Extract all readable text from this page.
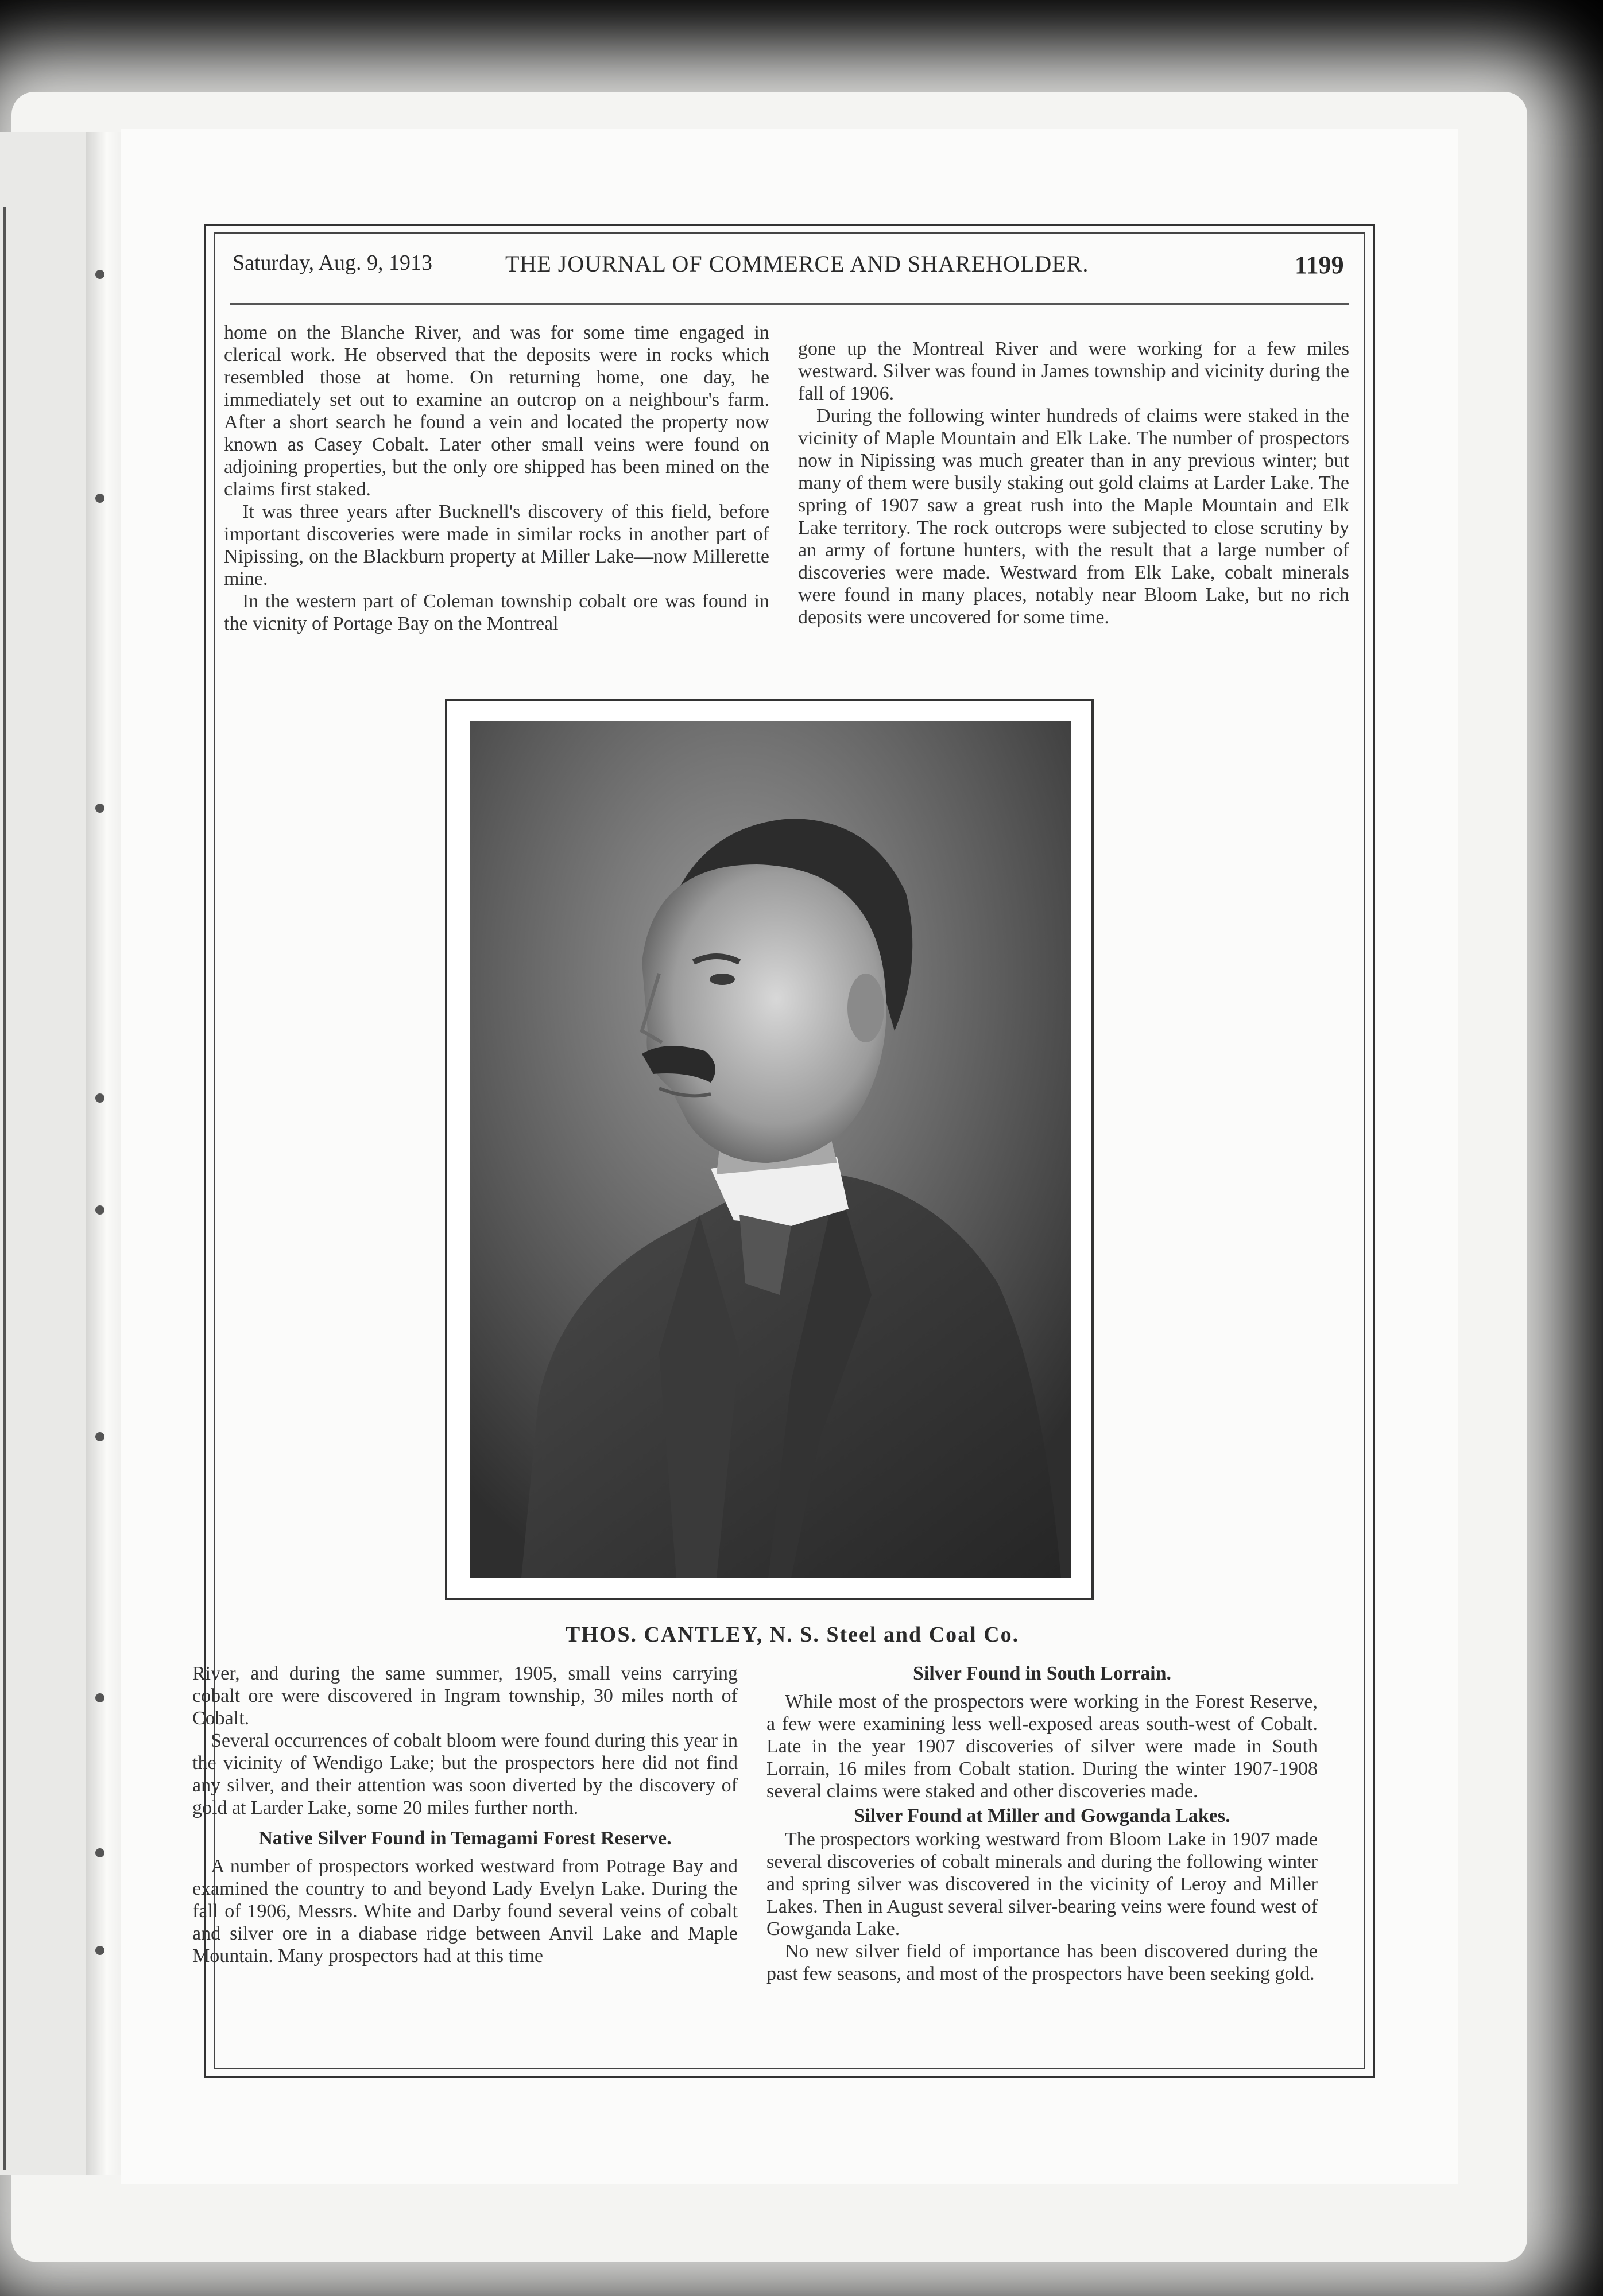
Saturday, Aug. 9, 1913	THE JOURNAL OF COMMERCE AND SHAREHOLDER.	1199

home on the Blanche River, and was for some time engaged in clerical work. He observed that the deposits were in rocks which resembled those at home. On returning home, one day, he immediately set out to examine an outcrop on a neighbour's farm. After a short search he found a vein and located the property now known as Casey Cobalt. Later other small veins were found on adjoining properties, but the only ore shipped has been mined on the claims first staked.

It was three years after Bucknell's discovery of this field, before important discoveries were made in similar rocks in another part of Nipissing, on the Blackburn property at Miller Lake—now Millerette mine.

In the western part of Coleman township cobalt ore was found in the vicnity of Portage Bay on the Montreal

gone up the Montreal River and were working for a few miles westward. Silver was found in James township and vicinity during the fall of 1906.

During the following winter hundreds of claims were staked in the vicinity of Maple Mountain and Elk Lake. The number of prospectors now in Nipissing was much greater than in any previous winter; but many of them were busily staking out gold claims at Larder Lake. The spring of 1907 saw a great rush into the Maple Mountain and Elk Lake territory. The rock outcrops were subjected to close scrutiny by an army of fortune hunters, with the result that a large number of discoveries were made. Westward from Elk Lake, cobalt minerals were found in many places, notably near Bloom Lake, but no rich deposits were uncovered for some time.

THOS. CANTLEY, N. S. Steel and Coal Co.

River, and during the same summer, 1905, small veins carrying cobalt ore were discovered in Ingram township, 30 miles north of Cobalt.

Several occurrences of cobalt bloom were found during this year in the vicinity of Wendigo Lake; but the prospectors here did not find any silver, and their attention was soon diverted by the discovery of gold at Larder Lake, some 20 miles further north.

Native Silver Found in Temagami Forest Reserve.

A number of prospectors worked westward from Potrage Bay and examined the country to and beyond Lady Evelyn Lake. During the fall of 1906, Messrs. White and Darby found several veins of cobalt and silver ore in a diabase ridge between Anvil Lake and Maple Mountain. Many prospectors had at this time

Silver Found in South Lorrain.

While most of the prospectors were working in the Forest Reserve, a few were examining less well-exposed areas south-west of Cobalt. Late in the year 1907 discoveries of silver were made in South Lorrain, 16 miles from Cobalt station. During the winter 1907-1908 several claims were staked and other discoveries made.

Silver Found at Miller and Gowganda Lakes.

The prospectors working westward from Bloom Lake in 1907 made several discoveries of cobalt minerals and during the following winter and spring silver was discovered in the vicinity of Leroy and Miller Lakes. Then in August several silver-bearing veins were found west of Gowganda Lake.

No new silver field of importance has been discovered during the past few seasons, and most of the prospectors have been seeking gold.
